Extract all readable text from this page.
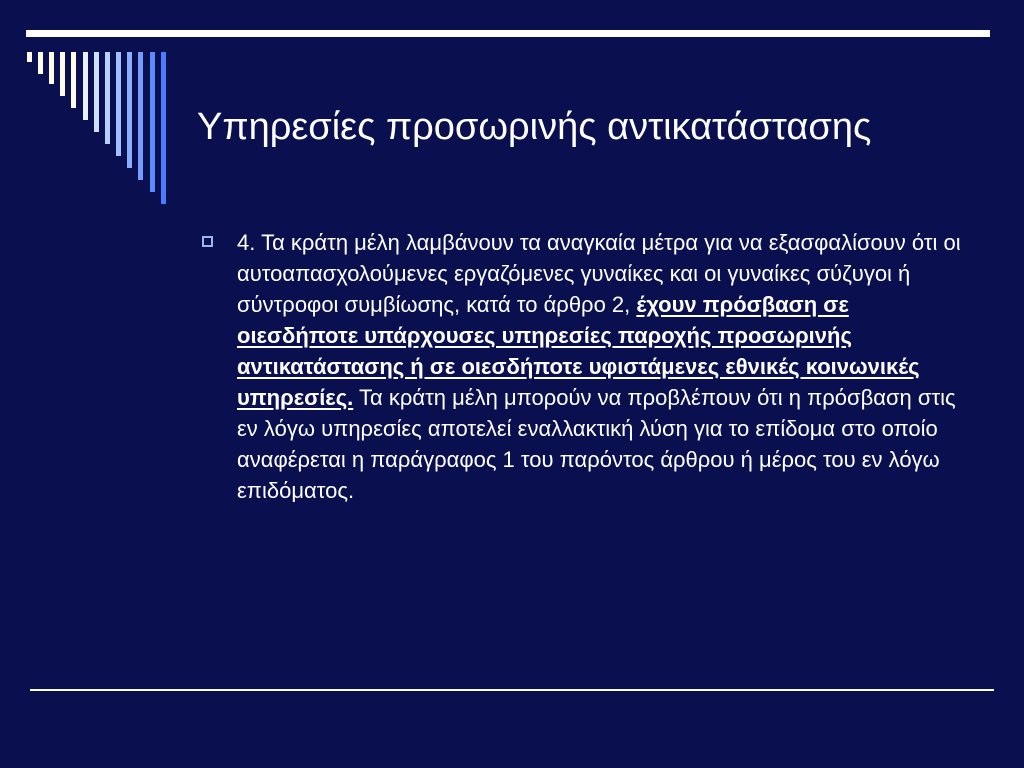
Υπηρεσίες προσωρινής αντικατάστασης

4. Τα κράτη μέλη λαμβάνουν τα αναγκαία μέτρα για να εξασφαλίσουν ότι οι αυτοαπασχολούμενες εργαζόμενες γυναίκες και οι γυναίκες σύζυγοι ή σύντροφοι συμβίωσης, κατά το άρθρο 2, έχουν πρόσβαση σε οιεσδήποτε υπάρχουσες υπηρεσίες παροχής προσωρινής αντικατάστασης ή σε οιεσδήποτε υφιστάμενες εθνικές κοινωνικές υπηρεσίες. Τα κράτη μέλη μπορούν να προβλέπουν ότι η πρόσβαση στις εν λόγω υπηρεσίες αποτελεί εναλλακτική λύση για το επίδομα στο οποίο αναφέρεται η παράγραφος 1 του παρόντος άρθρου ή μέρος του εν λόγω επιδόματος.
